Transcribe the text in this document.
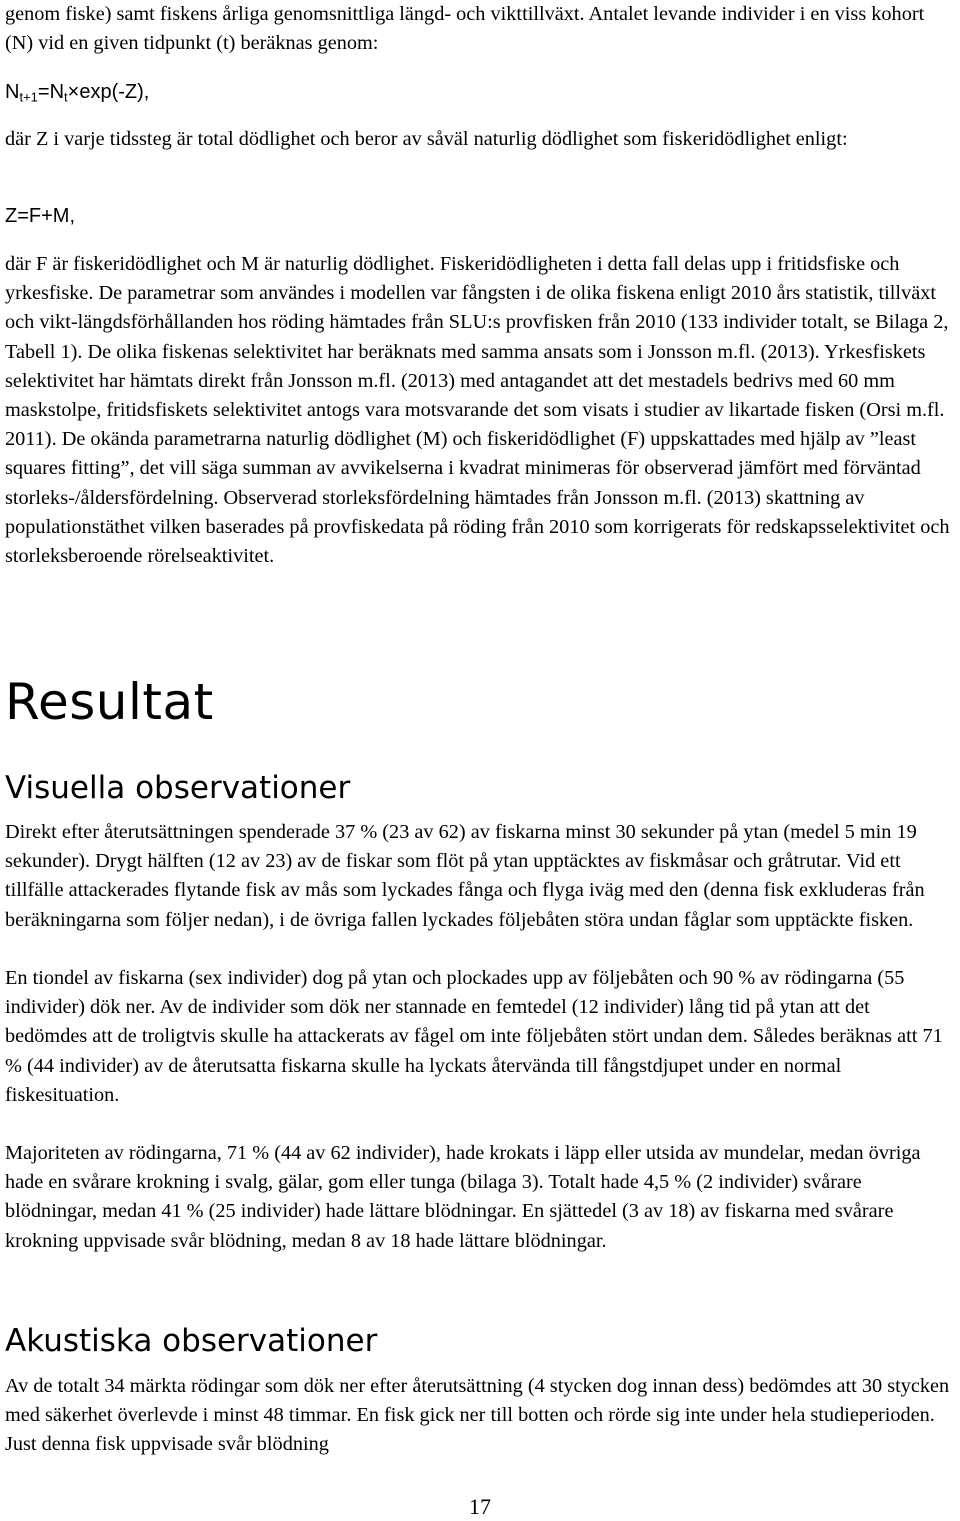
genom fiske) samt fiskens årliga genomsnittliga längd- och vikttillväxt. Antalet levande individer i en viss kohort (N) vid en given tidpunkt (t) beräknas genom:

$N_{t+1}=N_t\times\exp(-Z)$,

där Z i varje tidssteg är total dödlighet och beror av såväl naturlig dödlighet som fiskeridödlighet enligt:

Z=F+M,

där F är fiskeridödlighet och M är naturlig dödlighet. Fiskeridödligheten i detta fall delas upp i fritidsfiske och yrkesfiske. De parametrar som användes i modellen var fångsten i de olika fiskena enligt 2010 års statistik, tillväxt och vikt-längdsförhållanden hos röding hämtades från SLU:s provfisken från 2010 (133 individer totalt, se Bilaga 2, Tabell 1). De olika fiskenas selektivitet har beräknats med samma ansats som i Jonsson m.fl. (2013). Yrkesfiskets selektivitet har hämtats direkt från Jonsson m.fl. (2013) med antagandet att det mestadels bedrivs med 60 mm maskstolpe, fritidsfiskets selektivitet antogs vara motsvarande det som visats i studier av likartade fisken (Orsi m.fl. 2011). De okända parametrarna naturlig dödlighet (M) och fiskeridödlighet (F) uppskattades med hjälp av ”least squares fitting”, det vill säga summan av avvikelserna i kvadrat minimeras för observerad jämfört med förväntad storleks-/åldersfördelning. Observerad storleksfördelning hämtades från Jonsson m.fl. (2013) skattning av populationstäthet vilken baserades på provfiskedata på röding från 2010 som korrigerats för redskapsselektivitet och storleksberoende rörelseaktivitet.

Resultat
Visuella observationer

Direkt efter återutsättningen spenderade 37 % (23 av 62) av fiskarna minst 30 sekunder på ytan (medel 5 min 19 sekunder). Drygt hälften (12 av 23) av de fiskar som flöt på ytan upptäcktes av fiskmåsar och gråtrutar. Vid ett tillfälle attackerades flytande fisk av mås som lyckades fånga och flyga iväg med den (denna fisk exkluderas från beräkningarna som följer nedan), i de övriga fallen lyckades följebåten störa undan fåglar som upptäckte fisken.

En tiondel av fiskarna (sex individer) dog på ytan och plockades upp av följebåten och 90 % av rödingarna (55 individer) dök ner. Av de individer som dök ner stannade en femtedel (12 individer) lång tid på ytan att det bedömdes att de troligtvis skulle ha attackerats av fågel om inte följebåten stört undan dem. Således beräknas att 71 % (44 individer) av de återutsatta fiskarna skulle ha lyckats återvända till fångstdjupet under en normal fiskesituation.

Majoriteten av rödingarna, 71 % (44 av 62 individer), hade krokats i läpp eller utsida av mundelar, medan övriga hade en svårare krokning i svalg, gälar, gom eller tunga (bilaga 3). Totalt hade 4,5 % (2 individer) svårare blödningar, medan 41 % (25 individer) hade lättare blödningar. En sjättedel (3 av 18) av fiskarna med svårare krokning uppvisade svår blödning, medan 8 av 18 hade lättare blödningar.

Akustiska observationer

Av de totalt 34 märkta rödingar som dök ner efter återutsättning (4 stycken dog innan dess) bedömdes att 30 stycken med säkerhet överlevde i minst 48 timmar. En fisk gick ner till botten och rörde sig inte under hela studieperioden. Just denna fisk uppvisade svår blödning

17
